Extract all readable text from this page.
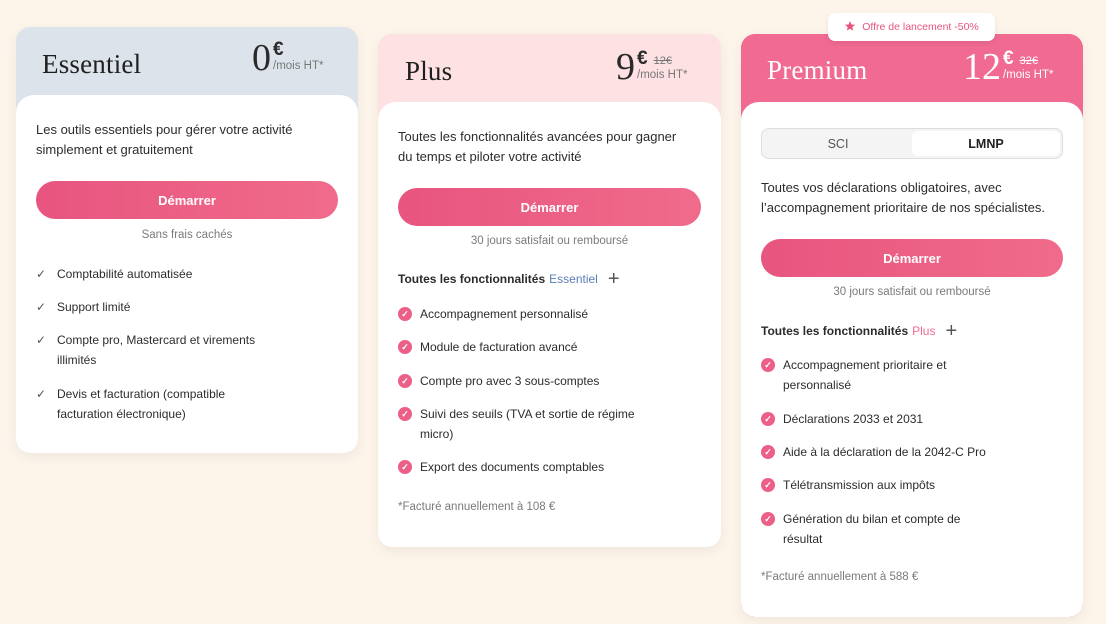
Offre de lancement -50%
Essentiel	0 €
/mois HT*
Les outils essentiels pour gérer votre activité
simplement et gratuitement
Démarrer
Sans frais cachés
✓ Comptabilité automatisée
✓ Support limité
✓ Compte pro, Mastercard et virements
illimités
✓ Devis et facturation (compatible
facturation électronique)
Plus	9 € 12€
/mois HT*
Toutes les fonctionnalités avancées pour gagner
du temps et piloter votre activité
Démarrer
30 jours satisfait ou remboursé
Toutes les fonctionnalités Essentiel +
✓ Accompagnement personnalisé
✓ Module de facturation avancé
✓ Compte pro avec 3 sous-comptes
✓ Suivi des seuils (TVA et sortie de régime
micro)
✓ Export des documents comptables
*Facturé annuellement à 108 €
Premium	12 € 32€
/mois HT*
SCI	LMNP
Toutes vos déclarations obligatoires, avec
l’accompagnement prioritaire de nos spécialistes.
Démarrer
30 jours satisfait ou remboursé
Toutes les fonctionnalités Plus +
✓ Accompagnement prioritaire et
personnalisé
✓ Déclarations 2033 et 2031
✓ Aide à la déclaration de la 2042-C Pro
✓ Télétransmission aux impôts
✓ Génération du bilan et compte de
résultat
*Facturé annuellement à 588 €
